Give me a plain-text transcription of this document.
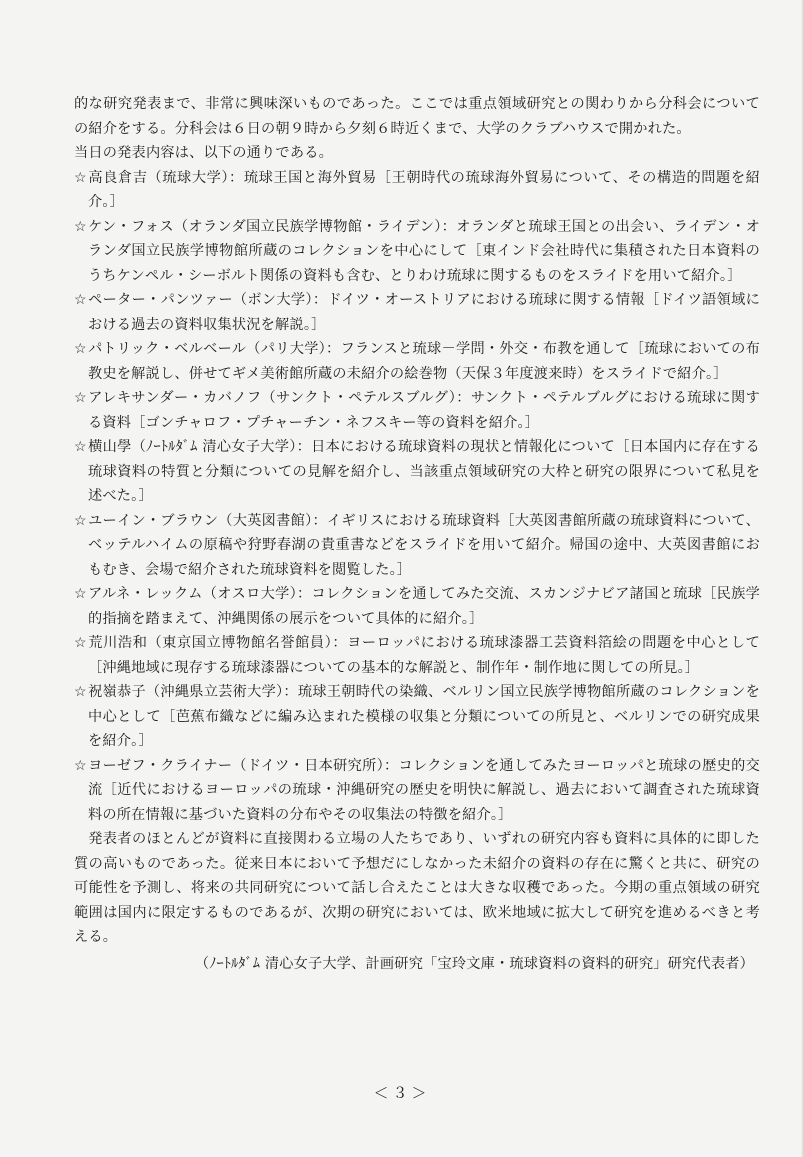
的な研究発表まで、非常に興味深いものであった。ここでは重点領域研究との関わりから分科会についての紹介をする。分科会は６日の朝９時から夕刻６時近くまで、大学のクラブハウスで開かれた。

当日の発表内容は、以下の通りである。

☆高良倉吉（琉球大学）：琉球王国と海外貿易［王朝時代の琉球海外貿易について、その構造的問題を紹介。］

☆ケン・フォス（オランダ国立民族学博物館・ライデン）：オランダと琉球王国との出会い、ライデン・オランダ国立民族学博物館所蔵のコレクションを中心にして［東インド会社時代に集積された日本資料のうちケンペル・シーボルト関係の資料も含む、とりわけ琉球に関するものをスライドを用いて紹介。］

☆ペーター・パンツァー（ボン大学）：ドイツ・オーストリアにおける琉球に関する情報［ドイツ語領域における過去の資料収集状況を解説。］

☆パトリック・ベルベール（パリ大学）：フランスと琉球－学問・外交・布教を通して［琉球においての布教史を解説し、併せてギメ美術館所蔵の未紹介の絵巻物（天保３年度渡来時）をスライドで紹介。］

☆アレキサンダー・カバノフ（サンクト・ペテルスブルグ）：サンクト・ペテルブルグにおける琉球に関する資料［ゴンチャロフ・プチャーチン・ネフスキー等の資料を紹介。］

☆横山學（ﾉｰﾄﾙﾀﾞﾑ 清心女子大学）：日本における琉球資料の現状と情報化について［日本国内に存在する琉球資料の特質と分類についての見解を紹介し、当該重点領域研究の大枠と研究の限界について私見を述べた。］

☆ユーイン・ブラウン（大英図書館）：イギリスにおける琉球資料［大英図書館所蔵の琉球資料について、ベッテルハイムの原稿や狩野春湖の貴重書などをスライドを用いて紹介。帰国の途中、大英図書館におもむき、会場で紹介された琉球資料を閲覧した。］

☆アルネ・レックム（オスロ大学）：コレクションを通してみた交流、スカンジナビア諸国と琉球［民族学的指摘を踏まえて、沖縄関係の展示をついて具体的に紹介。］

☆荒川浩和（東京国立博物館名誉館員）：ヨーロッパにおける琉球漆器工芸資料箔絵の問題を中心として［沖縄地域に現存する琉球漆器についての基本的な解説と、制作年・制作地に関しての所見。］

☆祝嶺恭子（沖縄県立芸術大学）：琉球王朝時代の染織、ベルリン国立民族学博物館所蔵のコレクションを中心として［芭蕉布織などに編み込まれた模様の収集と分類についての所見と、ベルリンでの研究成果を紹介。］

☆ヨーゼフ・クライナー（ドイツ・日本研究所）：コレクションを通してみたヨーロッパと琉球の歴史的交流［近代におけるヨーロッパの琉球・沖縄研究の歴史を明快に解説し、過去において調査された琉球資料の所在情報に基づいた資料の分布やその収集法の特徴を紹介。］

発表者のほとんどが資料に直接関わる立場の人たちであり、いずれの研究内容も資料に具体的に即した質の高いものであった。従来日本において予想だにしなかった未紹介の資料の存在に驚くと共に、研究の可能性を予測し、将来の共同研究について話し合えたことは大きな収穫であった。今期の重点領域の研究範囲は国内に限定するものであるが、次期の研究においては、欧米地域に拡大して研究を進めるべきと考える。

（ﾉｰﾄﾙﾀﾞﾑ 清心女子大学、計画研究「宝玲文庫・琉球資料の資料的研究」研究代表者）

＜３＞
